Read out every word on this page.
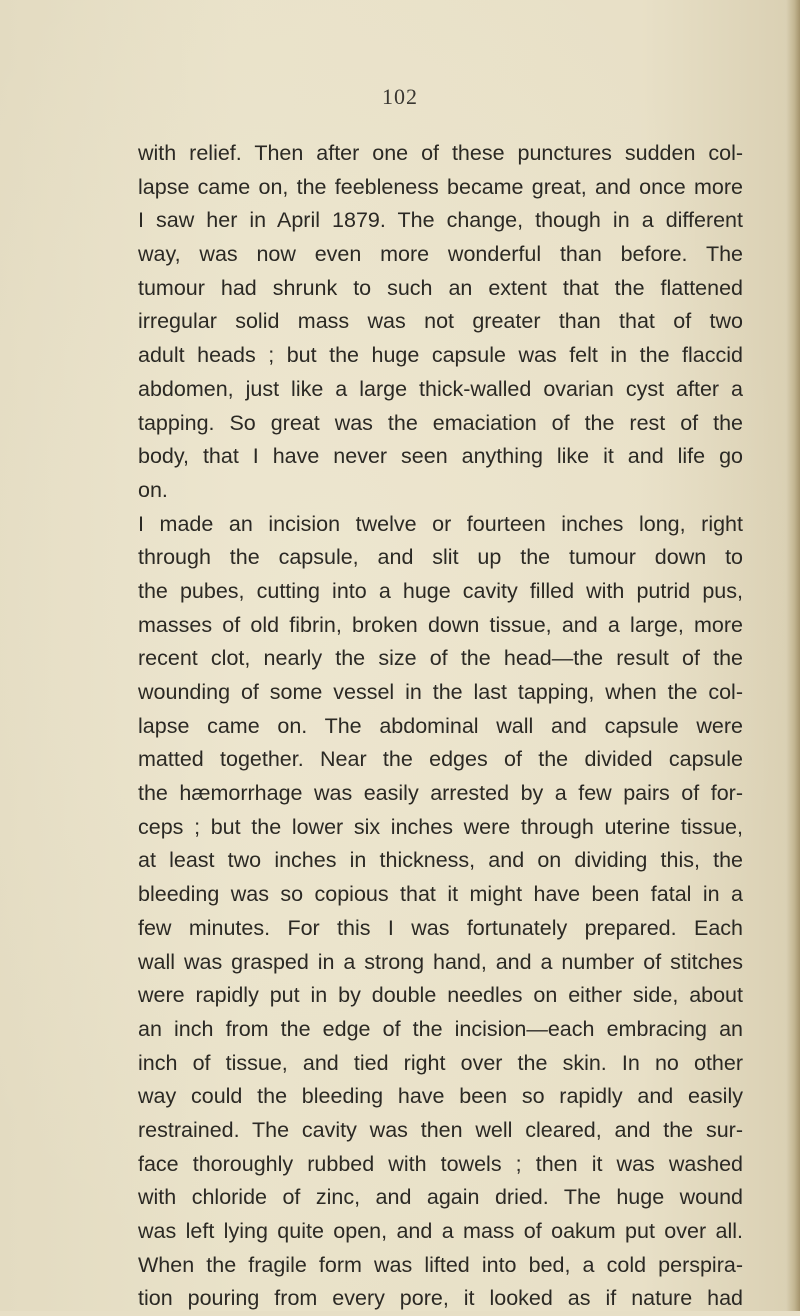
102
with relief. Then after one of these punctures sudden col-
lapse came on, the feebleness became great, and once more
I saw her in April 1879. The change, though in a different
way, was now even more wonderful than before. The
tumour had shrunk to such an extent that the flattened
irregular solid mass was not greater than that of two
adult heads ; but the huge capsule was felt in the flaccid
abdomen, just like a large thick-walled ovarian cyst after a
tapping. So great was the emaciation of the rest of the
body, that I have never seen anything like it and life go
on.
I made an incision twelve or fourteen inches long, right
through the capsule, and slit up the tumour down to
the pubes, cutting into a huge cavity filled with putrid pus,
masses of old fibrin, broken down tissue, and a large, more
recent clot, nearly the size of the head—the result of the
wounding of some vessel in the last tapping, when the col-
lapse came on. The abdominal wall and capsule were
matted together. Near the edges of the divided capsule
the hæmorrhage was easily arrested by a few pairs of for-
ceps ; but the lower six inches were through uterine tissue,
at least two inches in thickness, and on dividing this, the
bleeding was so copious that it might have been fatal in a
few minutes. For this I was fortunately prepared. Each
wall was grasped in a strong hand, and a number of stitches
were rapidly put in by double needles on either side, about
an inch from the edge of the incision—each embracing an
inch of tissue, and tied right over the skin. In no other
way could the bleeding have been so rapidly and easily
restrained. The cavity was then well cleared, and the sur-
face thoroughly rubbed with towels ; then it was washed
with chloride of zinc, and again dried. The huge wound
was left lying quite open, and a mass of oakum put over all.
When the fragile form was lifted into bed, a cold perspira-
tion pouring from every pore, it looked as if nature had
